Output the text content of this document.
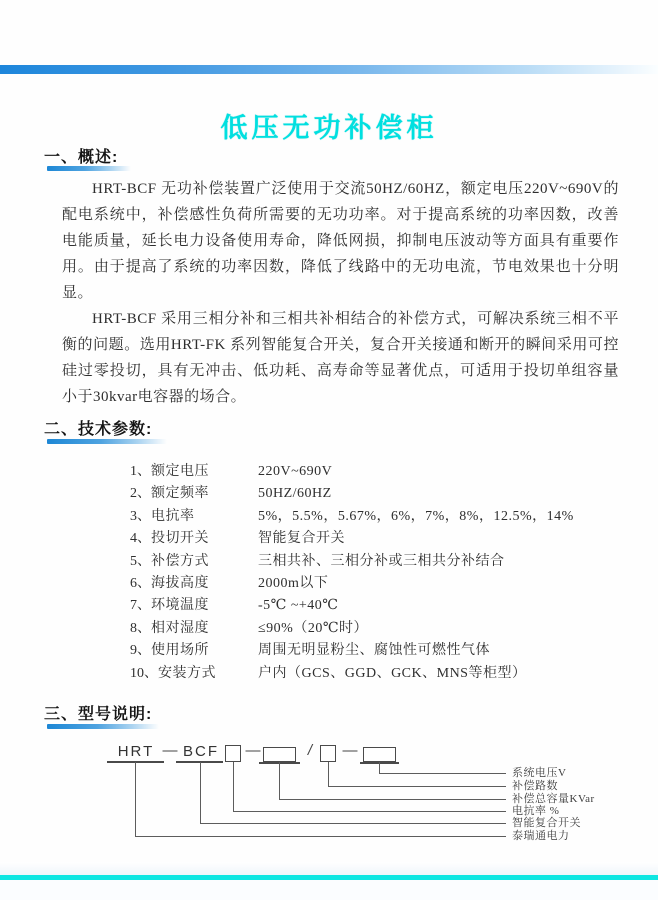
低压无功补偿柜
一、概述:

HRT-BCF 无功补偿装置广泛使用于交流50HZ/60HZ，额定电压220V~690V的配电系统中，补偿感性负荷所需要的无功功率。对于提高系统的功率因数，改善电能质量，延长电力设备使用寿命，降低网损，抑制电压波动等方面具有重要作用。由于提高了系统的功率因数，降低了线路中的无功电流，节电效果也十分明显。

HRT-BCF 采用三相分补和三相共补相结合的补偿方式，可解决系统三相不平衡的问题。选用HRT-FK 系列智能复合开关，复合开关接通和断开的瞬间采用可控硅过零投切，具有无冲击、低功耗、高寿命等显著优点，可适用于投切单组容量小于30kvar电容器的场合。

二、技术参数:
1、 额定电压	220V~690V
2、 额定频率	50HZ/60HZ
3、 电抗率	5%，5.5%，5.67%，6%，7%，8%，12.5%，14%
4、 投切开关	智能复合开关
5、 补偿方式	三相共补、三相分补或三相共分补结合
6、 海拔高度	2000m以下
7、 环境温度	-5℃ ~+40℃
8、 相对湿度	≤90%（20℃时）
9、 使用场所	周围无明显粉尘、腐蚀性可燃性气体
10、 安装方式	户内（GCS、GGD、GCK、MNS等柜型）
三、型号说明:
HRT — BCF	—	/	—
系统电压V
补偿路数
补偿总容量KVar
电抗率 %
智能复合开关
泰瑞通电力
